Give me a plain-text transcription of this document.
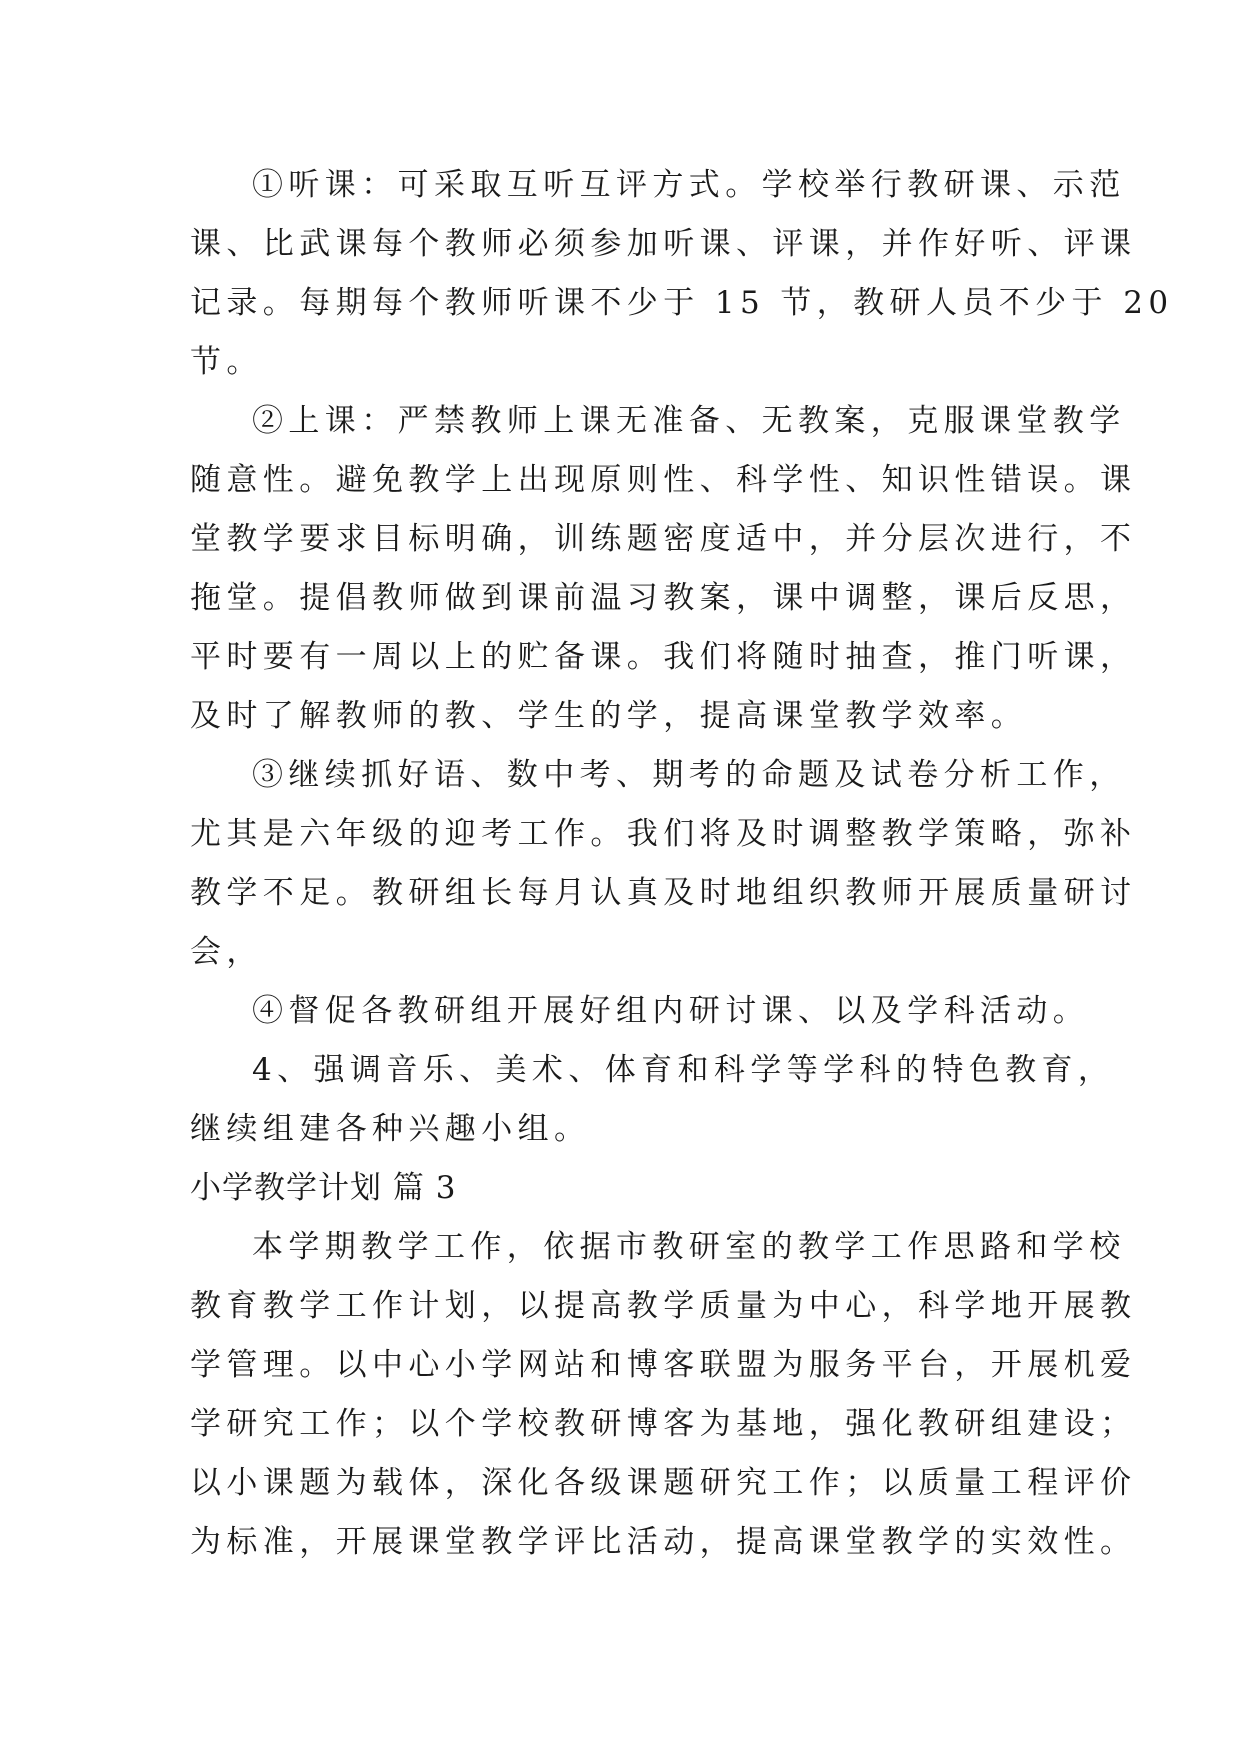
①听课：可采取互听互评方式。学校举行教研课、示范
课、比武课每个教师必须参加听课、评课，并作好听、评课
记录。每期每个教师听课不少于 15 节，教研人员不少于 20
节。
②上课：严禁教师上课无准备、无教案，克服课堂教学
随意性。避免教学上出现原则性、科学性、知识性错误。课
堂教学要求目标明确，训练题密度适中，并分层次进行，不
拖堂。提倡教师做到课前温习教案，课中调整，课后反思，
平时要有一周以上的贮备课。我们将随时抽查，推门听课，
及时了解教师的教、学生的学，提高课堂教学效率。
③继续抓好语、数中考、期考的命题及试卷分析工作，
尤其是六年级的迎考工作。我们将及时调整教学策略，弥补
教学不足。教研组长每月认真及时地组织教师开展质量研讨
会，
④督促各教研组开展好组内研讨课、以及学科活动。
4、强调音乐、美术、体育和科学等学科的特色教育，
继续组建各种兴趣小组。
小学教学计划 篇 3
本学期教学工作，依据市教研室的教学工作思路和学校
教育教学工作计划，以提高教学质量为中心，科学地开展教
学管理。以中心小学网站和博客联盟为服务平台，开展机爱
学研究工作；以个学校教研博客为基地，强化教研组建设；
以小课题为载体，深化各级课题研究工作；以质量工程评价
为标准，开展课堂教学评比活动，提高课堂教学的实效性。
